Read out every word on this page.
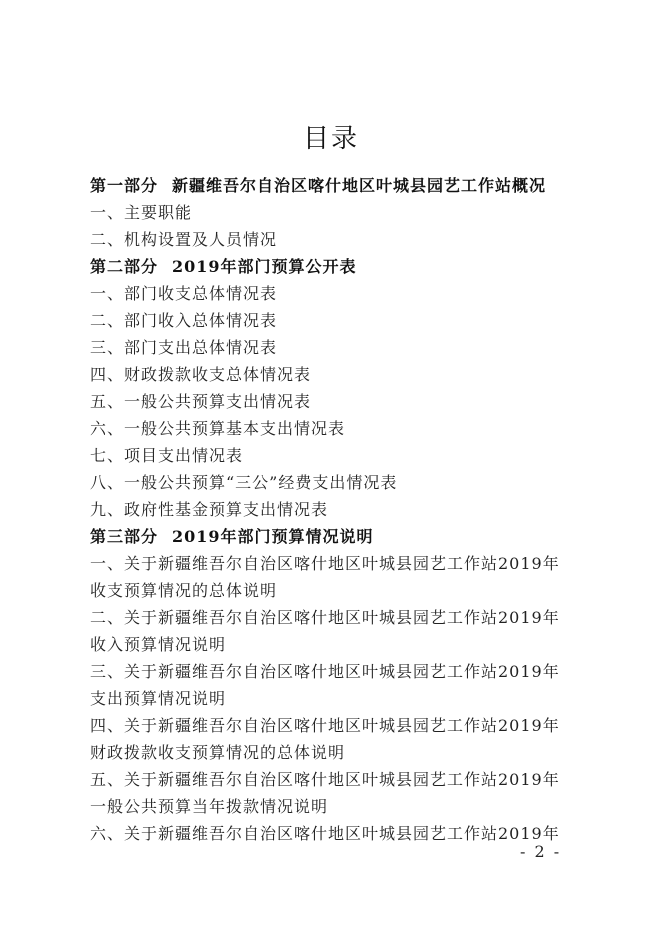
目录
第一部分 新疆维吾尔自治区喀什地区叶城县园艺工作站概况
一、主要职能
二、机构设置及人员情况
第二部分 2019年部门预算公开表
一、部门收支总体情况表
二、部门收入总体情况表
三、部门支出总体情况表
四、财政拨款收支总体情况表
五、一般公共预算支出情况表
六、一般公共预算基本支出情况表
七、项目支出情况表
八、一般公共预算“三公”经费支出情况表
九、政府性基金预算支出情况表
第三部分 2019年部门预算情况说明
一、关于新疆维吾尔自治区喀什地区叶城县园艺工作站2019年
收支预算情况的总体说明
二、关于新疆维吾尔自治区喀什地区叶城县园艺工作站2019年
收入预算情况说明
三、关于新疆维吾尔自治区喀什地区叶城县园艺工作站2019年
支出预算情况说明
四、关于新疆维吾尔自治区喀什地区叶城县园艺工作站2019年
财政拨款收支预算情况的总体说明
五、关于新疆维吾尔自治区喀什地区叶城县园艺工作站2019年
一般公共预算当年拨款情况说明
六、关于新疆维吾尔自治区喀什地区叶城县园艺工作站2019年
- 2 -
